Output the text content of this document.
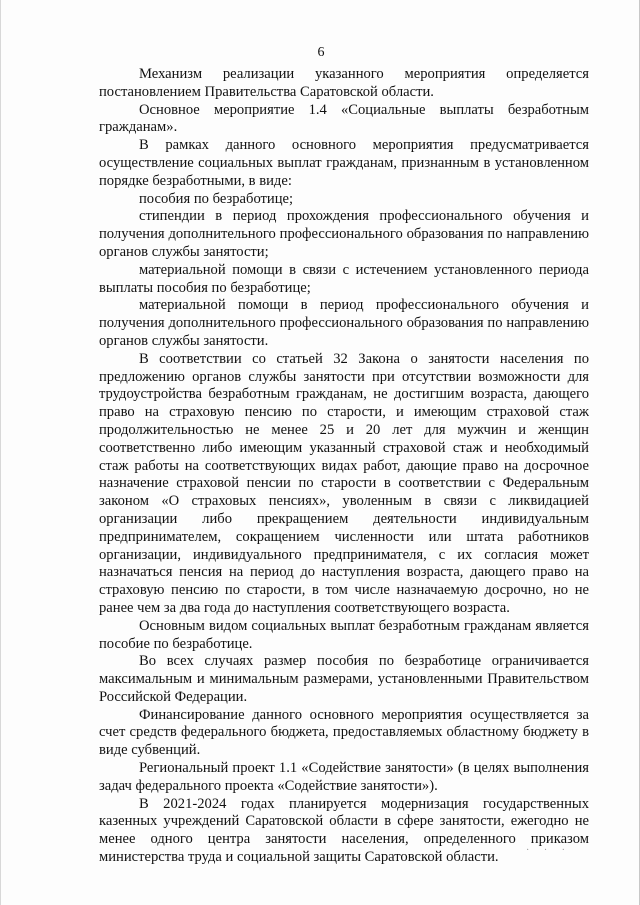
6

Механизм реализации указанного мероприятия определяется постановлением Правительства Саратовской области.

Основное мероприятие 1.4 «Социальные выплаты безработным гражданам».

В рамках данного основного мероприятия предусматривается осуществление социальных выплат гражданам, признанным в установленном порядке безработными, в виде:

пособия по безработице;

стипендии в период прохождения профессионального обучения и получения дополнительного профессионального образования по направлению органов службы занятости;

материальной помощи в связи с истечением установленного периода выплаты пособия по безработице;

материальной помощи в период профессионального обучения и получения дополнительного профессионального образования по направлению органов службы занятости.

В соответствии со статьей 32 Закона о занятости населения по предложению органов службы занятости при отсутствии возможности для трудоустройства безработным гражданам, не достигшим возраста, дающего право на страховую пенсию по старости, и имеющим страховой стаж продолжительностью не менее 25 и 20 лет для мужчин и женщин соответственно либо имеющим указанный страховой стаж и необходимый стаж работы на соответствующих видах работ, дающие право на досрочное назначение страховой пенсии по старости в соответствии с Федеральным законом «О страховых пенсиях», уволенным в связи с ликвидацией организации либо прекращением деятельности индивидуальным предпринимателем, сокращением численности или штата работников организации, индивидуального предпринимателя, с их согласия может назначаться пенсия на период до наступления возраста, дающего право на страховую пенсию по старости, в том числе назначаемую досрочно, но не ранее чем за два года до наступления соответствующего возраста.

Основным видом социальных выплат безработным гражданам является пособие по безработице.

Во всех случаях размер пособия по безработице ограничивается максимальным и минимальным размерами, установленными Правительством Российской Федерации.

Финансирование данного основного мероприятия осуществляется за счет средств федерального бюджета, предоставляемых областному бюджету в виде субвенций.

Региональный проект 1.1 «Содействие занятости» (в целях выполнения задач федерального проекта «Содействие занятости»).

В 2021-2024 годах планируется модернизация государственных казенных учреждений Саратовской области в сфере занятости, ежегодно не менее одного центра занятости населения, определенного приказом министерства труда и социальной защиты Саратовской области.	· · ·
